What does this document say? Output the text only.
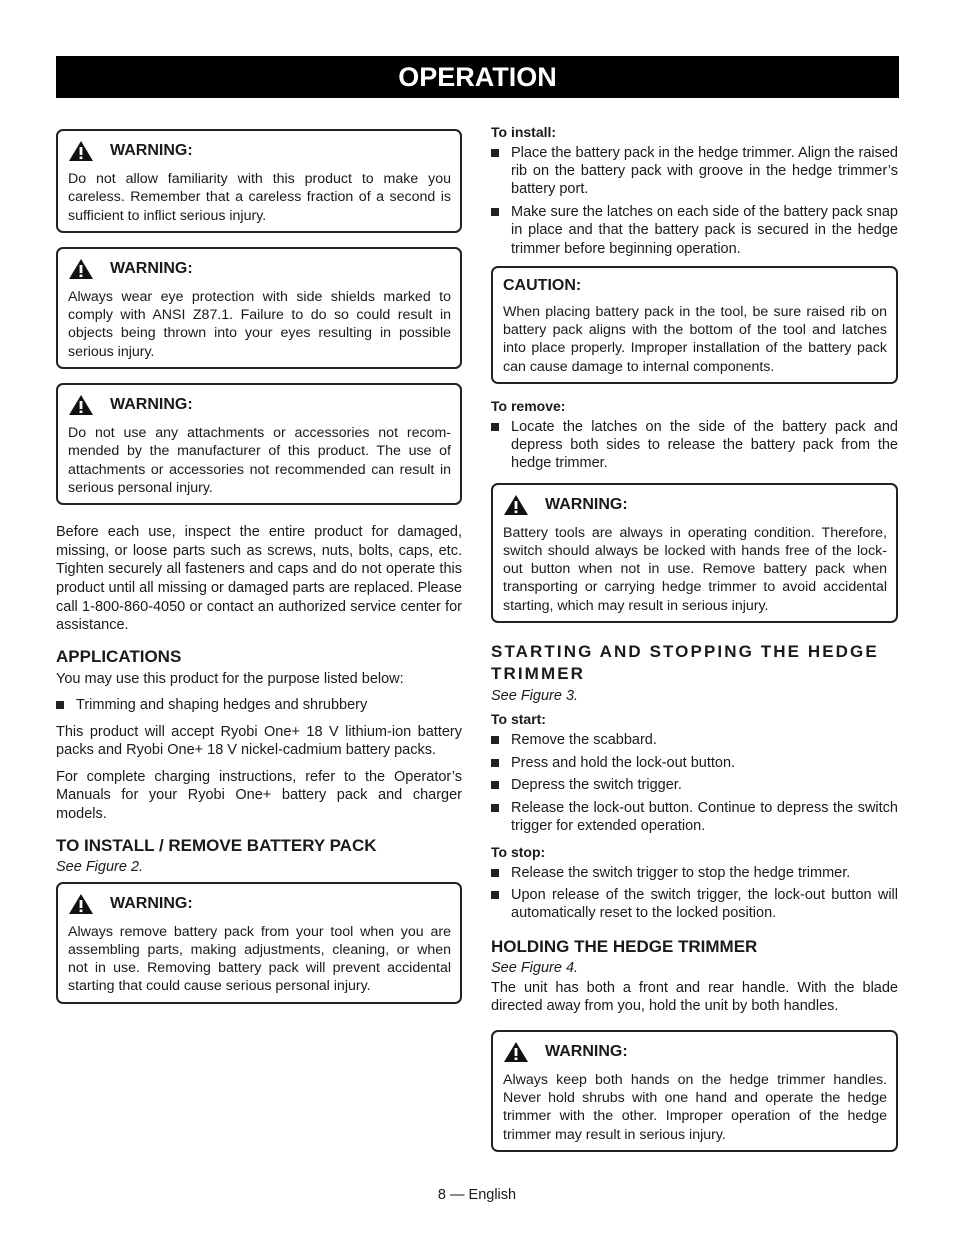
OPERATION
WARNING:
Do not allow familiarity with this product to make you careless. Remember that a careless fraction of a second is sufficient to inflict serious injury.
WARNING:
Always wear eye protection with side shields marked to comply with ANSI Z87.1. Failure to do so could result in objects being thrown into your eyes resulting in possible serious injury.
WARNING:
Do not use any attachments or accessories not recom-mended by the manufacturer of this product. The use of attachments or accessories not recommended can result in serious personal injury.

Before each use, inspect the entire product for damaged, missing, or loose parts such as screws, nuts, bolts, caps, etc. Tighten securely all fasteners and caps and do not operate this product until all missing or damaged parts are replaced. Please call 1-800-860-4050 or contact an authorized service center for assistance.

APPLICATIONS

You may use this product for the purpose listed below:

Trimming and shaping hedges and shrubbery

This product will accept Ryobi One+ 18 V lithium-ion battery packs and Ryobi One+ 18 V nickel-cadmium battery packs.

For complete charging instructions, refer to the Operator’s Manuals for your Ryobi One+ battery pack and charger models.

TO INSTALL / REMOVE BATTERY PACK
See Figure 2.
WARNING:
Always remove battery pack from your tool when you are assembling parts, making adjustments, cleaning, or when not in use. Removing battery pack will prevent accidental starting that could cause serious personal injury.
To install:
Place the battery pack in the hedge trimmer. Align the raised rib on the battery pack with groove in the hedge trimmer’s battery port.
Make sure the latches on each side of the battery pack snap in place and that the battery pack is secured in the hedge trimmer before beginning operation.
CAUTION:
When placing battery pack in the tool, be sure raised rib on battery pack aligns with the bottom of the tool and latches into place properly. Improper installation of the battery pack can cause damage to internal components.
To remove:
Locate the latches on the side of the battery pack and depress both sides to release the battery pack from the hedge trimmer.
WARNING:
Battery tools are always in operating condition. Therefore, switch should always be locked with hands free of the lock-out button when not in use. Remove battery pack when transporting or carrying hedge trimmer to avoid accidental starting, which may result in serious injury.
STARTING AND STOPPING THE HEDGE TRIMMER
See Figure 3.
To start:
Remove the scabbard.
Press and hold the lock-out button.
Depress the switch trigger.
Release the lock-out button. Continue to depress the switch trigger for extended operation.
To stop:
Release the switch trigger to stop the hedge trimmer.
Upon release of the switch trigger, the lock-out button will automatically reset to the locked position.
HOLDING THE HEDGE TRIMMER
See Figure 4.

The unit has both a front and rear handle. With the blade directed away from you, hold the unit by both handles.

WARNING:
Always keep both hands on the hedge trimmer handles. Never hold shrubs with one hand and operate the hedge trimmer with the other. Improper operation of the hedge trimmer may result in serious injury.
8 — English
